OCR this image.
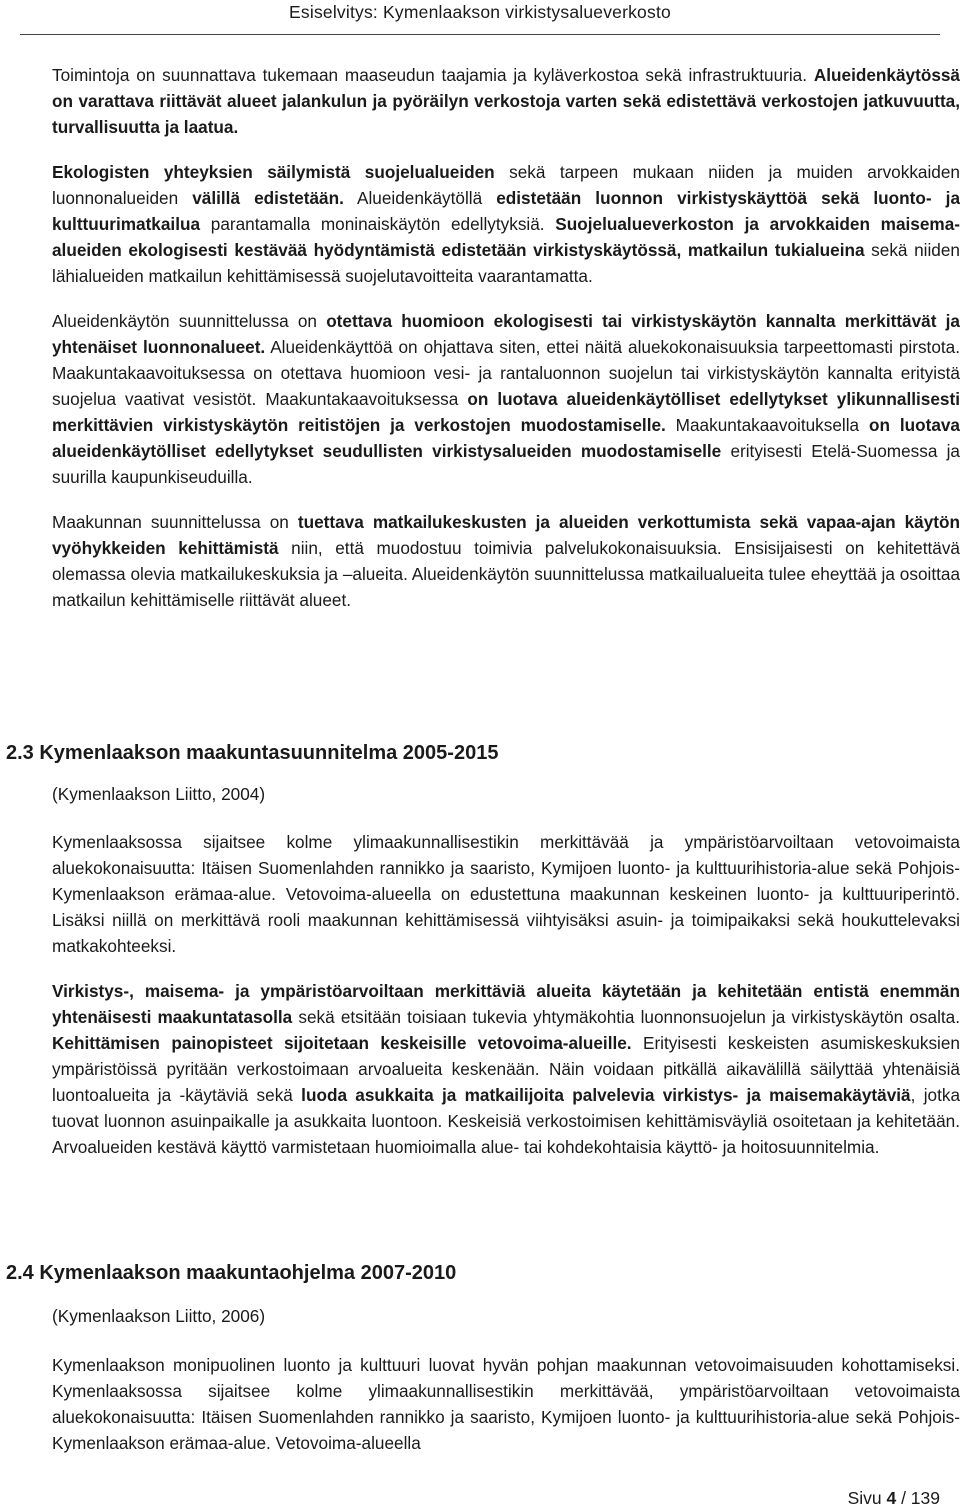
Esiselvitys: Kymenlaakson virkistysalueverkosto

Toimintoja on suunnattava tukemaan maaseudun taajamia ja kyläverkostoa sekä infrastruktuuria. Alueidenkäytössä on varattava riittävät alueet jalankulun ja pyöräilyn verkostoja varten sekä edistettävä verkostojen jatkuvuutta, turvallisuutta ja laatua.

Ekologisten yhteyksien säilymistä suojelualueiden sekä tarpeen mukaan niiden ja muiden arvokkaiden luonnonalueiden välillä edistetään. Alueidenkäytöllä edistetään luonnon virkistyskäyttöä sekä luonto- ja kulttuurimatkailua parantamalla moninaiskäytön edellytyksiä. Suojelualueverkoston ja arvokkaiden maisema-alueiden ekologisesti kestävää hyödyntämistä edistetään virkistyskäytössä, matkailun tukialueina sekä niiden lähialueiden matkailun kehittämisessä suojelutavoitteita vaarantamatta.

Alueidenkäytön suunnittelussa on otettava huomioon ekologisesti tai virkistyskäytön kannalta merkittävät ja yhtenäiset luonnonalueet. Alueidenkäyttöä on ohjattava siten, ettei näitä aluekokonaisuuksia tarpeettomasti pirstota. Maakuntakaavoituksessa on otettava huomioon vesi- ja rantaluonnon suojelun tai virkistyskäytön kannalta erityistä suojelua vaativat vesistöt. Maakuntakaavoituksessa on luotava alueidenkäytölliset edellytykset ylikunnallisesti merkittävien virkistyskäytön reitistöjen ja verkostojen muodostamiselle. Maakuntakaavoituksella on luotava alueidenkäytölliset edellytykset seudullisten virkistysalueiden muodostamiselle erityisesti Etelä-Suomessa ja suurilla kaupunkiseuduilla.

Maakunnan suunnittelussa on tuettava matkailukeskusten ja alueiden verkottumista sekä vapaa-ajan käytön vyöhykkeiden kehittämistä niin, että muodostuu toimivia palvelukokonaisuuksia. Ensisijaisesti on kehitettävä olemassa olevia matkailukeskuksia ja –alueita. Alueidenkäytön suunnittelussa matkailualueita tulee eheyttää ja osoittaa matkailun kehittämiselle riittävät alueet.

2.3 Kymenlaakson maakuntasuunnitelma 2005-2015
(Kymenlaakson Liitto, 2004)

Kymenlaaksossa sijaitsee kolme ylimaakunnallisestikin merkittävää ja ympäristöarvoiltaan vetovoimaista aluekokonaisuutta: Itäisen Suomenlahden rannikko ja saaristo, Kymijoen luonto- ja kulttuurihistoria-alue sekä Pohjois-Kymenlaakson erämaa-alue. Vetovoima-alueella on edustettuna maakunnan keskeinen luonto- ja kulttuuriperintö. Lisäksi niillä on merkittävä rooli maakunnan kehittämisessä viihtyisäksi asuin- ja toimipaikaksi sekä houkuttelevaksi matkakohteeksi.

Virkistys-, maisema- ja ympäristöarvoiltaan merkittäviä alueita käytetään ja kehitetään entistä enemmän yhtenäisesti maakuntatasolla sekä etsitään toisiaan tukevia yhtymäkohtia luonnonsuojelun ja virkistyskäytön osalta. Kehittämisen painopisteet sijoitetaan keskeisille vetovoima-alueille. Erityisesti keskeisten asumiskeskuksien ympäristöissä pyritään verkostoimaan arvoalueita keskenään. Näin voidaan pitkällä aikavälillä säilyttää yhtenäisiä luontoalueita ja -käytäviä sekä luoda asukkaita ja matkailijoita palvelevia virkistys- ja maisemakäytäviä, jotka tuovat luonnon asuinpaikalle ja asukkaita luontoon. Keskeisiä verkostoimisen kehittämisväyliä osoitetaan ja kehitetään. Arvoalueiden kestävä käyttö varmistetaan huomioimalla alue- tai kohdekohtaisia käyttö- ja hoitosuunnitelmia.

2.4 Kymenlaakson maakuntaohjelma 2007-2010
(Kymenlaakson Liitto, 2006)

Kymenlaakson monipuolinen luonto ja kulttuuri luovat hyvän pohjan maakunnan vetovoimaisuuden kohottamiseksi. Kymenlaaksossa sijaitsee kolme ylimaakunnallisestikin merkittävää, ympäristöarvoiltaan vetovoimaista aluekokonaisuutta: Itäisen Suomenlahden rannikko ja saaristo, Kymijoen luonto- ja kulttuurihistoria-alue sekä Pohjois-Kymenlaakson erämaa-alue. Vetovoima-alueella

Sivu 4 / 139
